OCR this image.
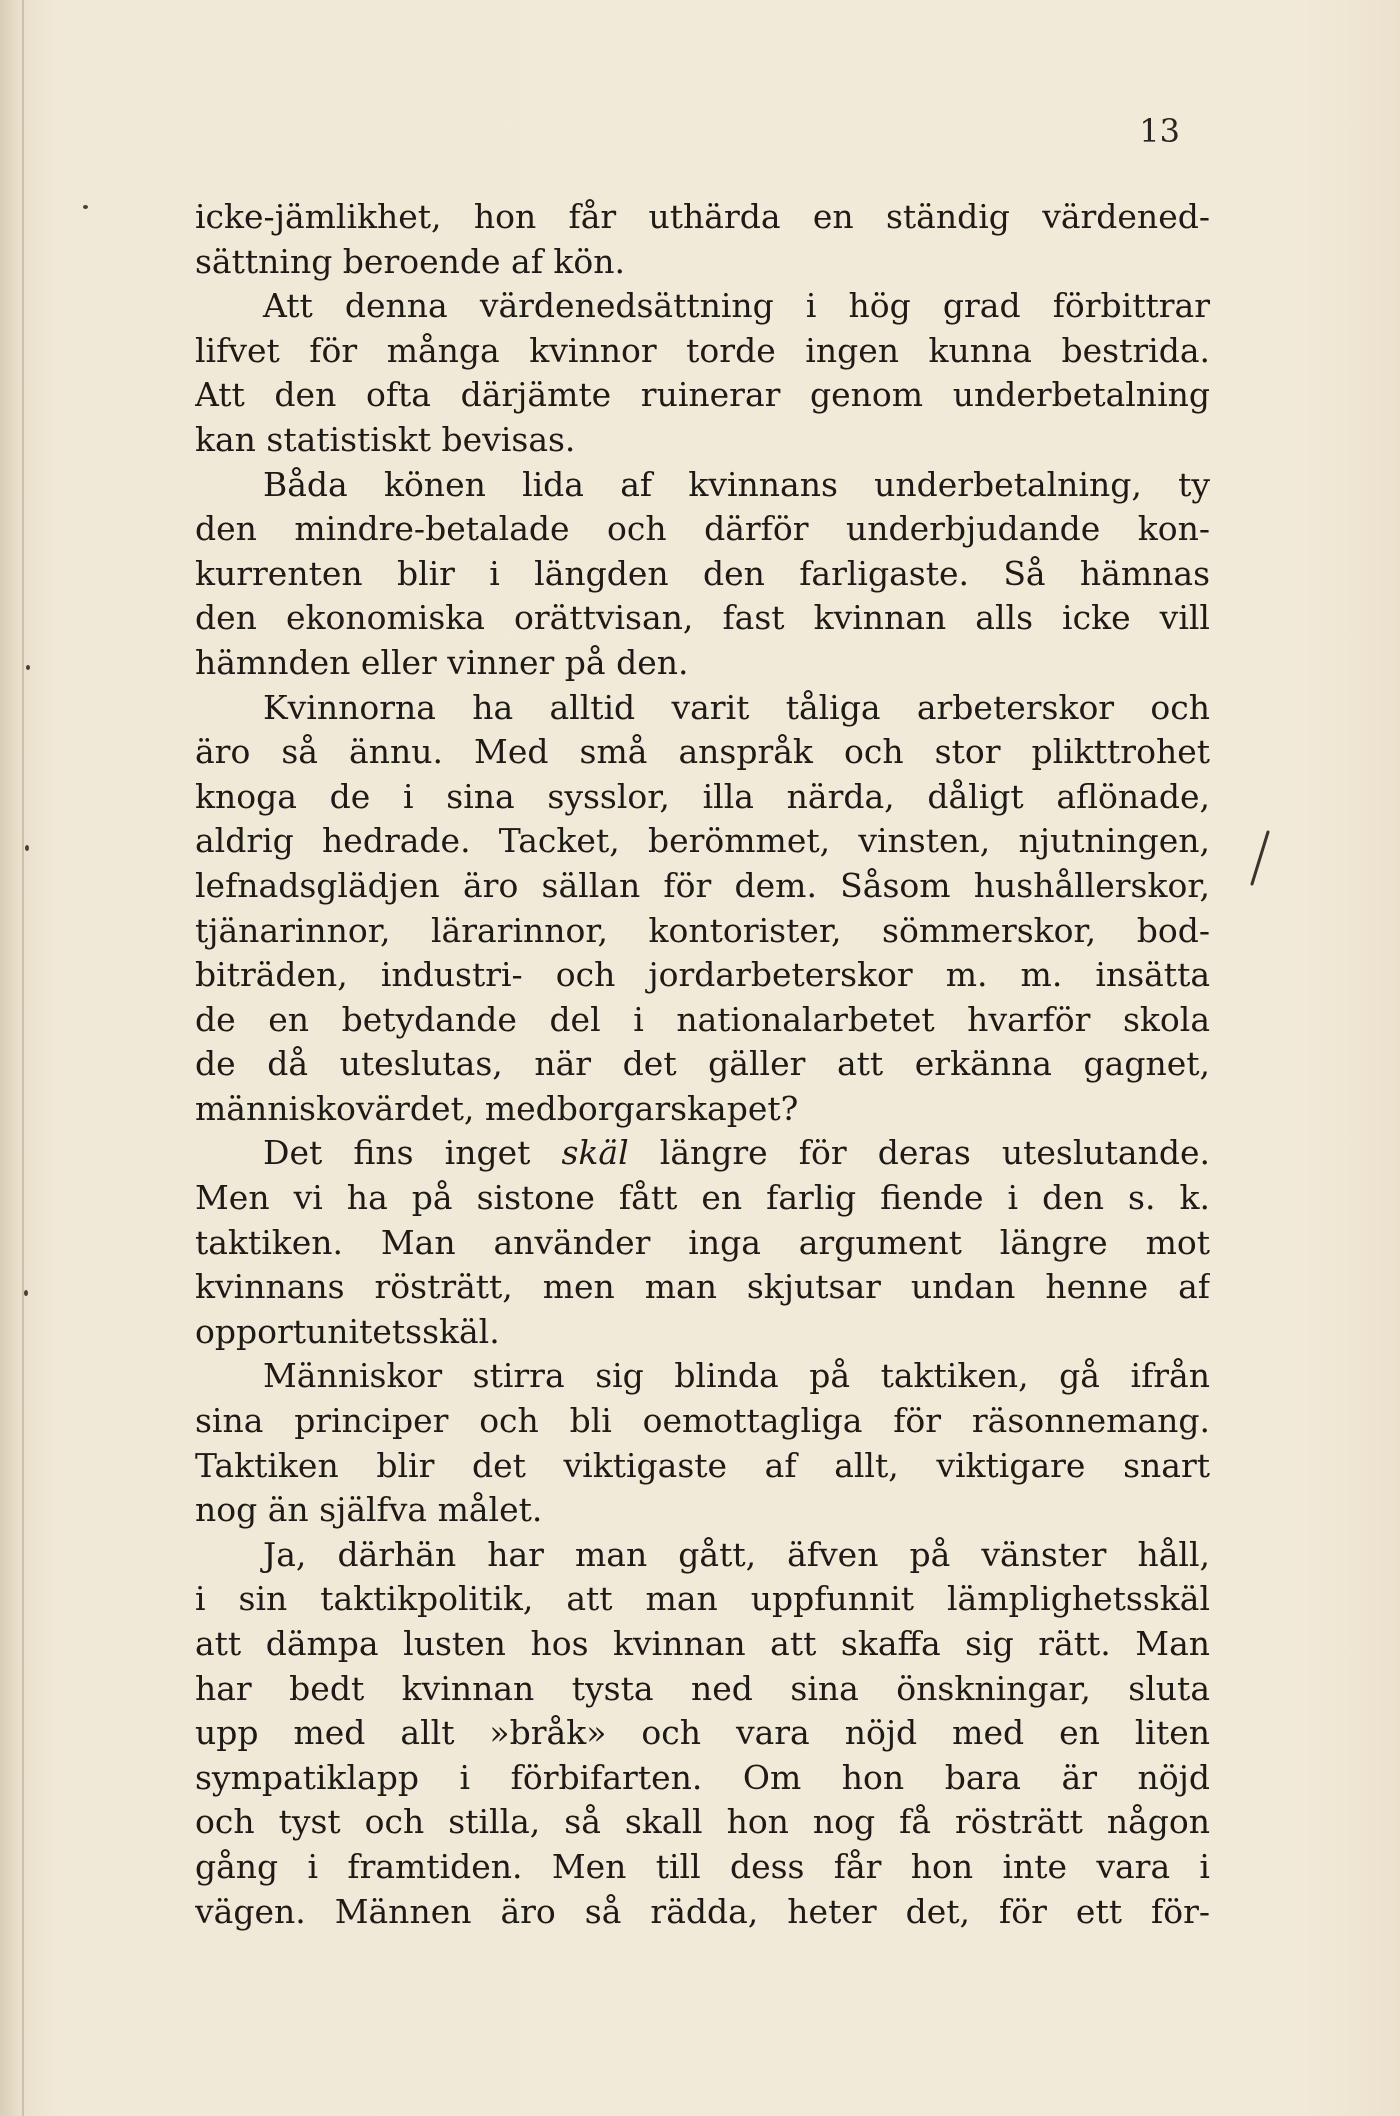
13
icke-jämlikhet, hon får uthärda en ständig värdened-
sättning beroende af kön.
Att denna värdenedsättning i hög grad förbittrar
lifvet för många kvinnor torde ingen kunna bestrida.
Att den ofta därjämte ruinerar genom underbetalning
kan statistiskt bevisas.
Båda könen lida af kvinnans underbetalning, ty
den mindre-betalade och därför underbjudande kon-
kurrenten blir i längden den farligaste. Så hämnas
den ekonomiska orättvisan, fast kvinnan alls icke vill
hämnden eller vinner på den.
Kvinnorna ha alltid varit tåliga arbeterskor och
äro så ännu. Med små anspråk och stor plikttrohet
knoga de i sina sysslor, illa närda, dåligt aflönade,
aldrig hedrade. Tacket, berömmet, vinsten, njutningen,
lefnadsglädjen äro sällan för dem. Såsom hushållerskor,
tjänarinnor, lärarinnor, kontorister, sömmerskor, bod-
biträden, industri- och jordarbeterskor m. m. insätta
de en betydande del i nationalarbetet hvarför skola
de då uteslutas, när det gäller att erkänna gagnet,
människovärdet, medborgarskapet?
Det fins inget skäl längre för deras uteslutande.
Men vi ha på sistone fått en farlig fiende i den s. k.
taktiken. Man använder inga argument längre mot
kvinnans rösträtt, men man skjutsar undan henne af
opportunitetsskäl.
Människor stirra sig blinda på taktiken, gå ifrån
sina principer och bli oemottagliga för räsonnemang.
Taktiken blir det viktigaste af allt, viktigare snart
nog än själfva målet.
Ja, därhän har man gått, äfven på vänster håll,
i sin taktikpolitik, att man uppfunnit lämplighetsskäl
att dämpa lusten hos kvinnan att skaffa sig rätt. Man
har bedt kvinnan tysta ned sina önskningar, sluta
upp med allt »bråk» och vara nöjd med en liten
sympatiklapp i förbifarten. Om hon bara är nöjd
och tyst och stilla, så skall hon nog få rösträtt någon
gång i framtiden. Men till dess får hon inte vara i
vägen. Männen äro så rädda, heter det, för ett för-
